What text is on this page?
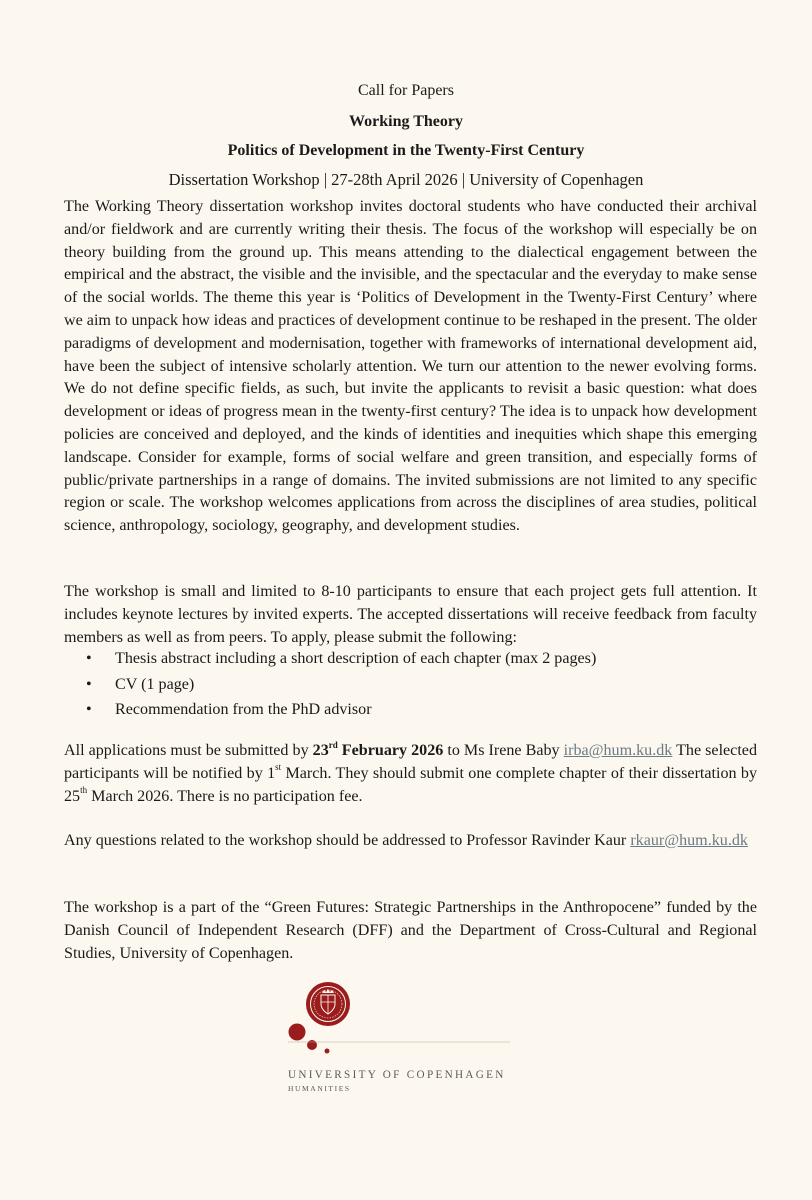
Call for Papers
Working Theory
Politics of Development in the Twenty-First Century
Dissertation Workshop | 27-28th April 2026 | University of Copenhagen

The Working Theory dissertation workshop invites doctoral students who have conducted their archival and/or fieldwork and are currently writing their thesis. The focus of the workshop will especially be on theory building from the ground up. This means attending to the dialectical engagement between the empirical and the abstract, the visible and the invisible, and the spectacular and the everyday to make sense of the social worlds. The theme this year is ‘Politics of Development in the Twenty-First Century’ where we aim to unpack how ideas and practices of development continue to be reshaped in the present. The older paradigms of development and modernisation, together with frameworks of international development aid, have been the subject of intensive scholarly attention. We turn our attention to the newer evolving forms. We do not define specific fields, as such, but invite the applicants to revisit a basic question: what does development or ideas of progress mean in the twenty-first century? The idea is to unpack how development policies are conceived and deployed, and the kinds of identities and inequities which shape this emerging landscape. Consider for example, forms of social welfare and green transition, and especially forms of public/private partnerships in a range of domains. The invited submissions are not limited to any specific region or scale. The workshop welcomes applications from across the disciplines of area studies, political science, anthropology, sociology, geography, and development studies.

The workshop is small and limited to 8-10 participants to ensure that each project gets full attention. It includes keynote lectures by invited experts. The accepted dissertations will receive feedback from faculty members as well as from peers. To apply, please submit the following:

• Thesis abstract including a short description of each chapter (max 2 pages)
• CV (1 page)
• Recommendation from the PhD advisor

All applications must be submitted by 23rd February 2026 to Ms Irene Baby irba@hum.ku.dk The selected participants will be notified by 1st March. They should submit one complete chapter of their dissertation by 25th March 2026. There is no participation fee.

Any questions related to the workshop should be addressed to Professor Ravinder Kaur rkaur@hum.ku.dk

The workshop is a part of the “Green Futures: Strategic Partnerships in the Anthropocene” funded by the Danish Council of Independent Research (DFF) and the Department of Cross-Cultural and Regional Studies, University of Copenhagen.

UNIVERSITY OF COPENHAGEN
HUMANITIES
